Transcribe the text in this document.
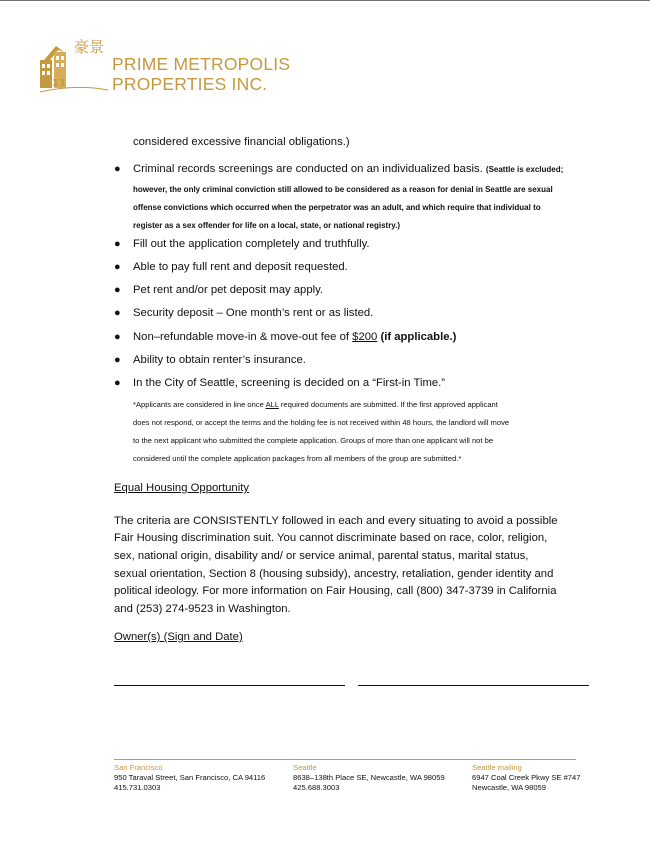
豪景
11
PRIME METROPOLIS
PROPERTIES INC.
considered excessive financial obligations.)
● Criminal records screenings are conducted on an individualized basis. (Seattle is excluded;
however, the only criminal conviction still allowed to be considered as a reason for denial in Seattle are sexual
offense convictions which occurred when the perpetrator was an adult, and which require that individual to
register as a sex offender for life on a local, state, or national registry.)
● Fill out the application completely and truthfully.
● Able to pay full rent and deposit requested.
● Pet rent and/or pet deposit may apply.
● Security deposit – One month’s rent or as listed.
● Non–refundable move-in & move-out fee of $200 (if applicable.)
● Ability to obtain renter’s insurance.
● In the City of Seattle, screening is decided on a “First-in Time.”
*Applicants are considered in line once ALL required documents are submitted. If the first approved applicant
does not respond, or accept the terms and the holding fee is not received within 48 hours, the landlord will move
to the next applicant who submitted the complete application. Groups of more than one applicant will not be
considered until the complete application packages from all members of the group are submitted.*
Equal Housing Opportunity
The criteria are CONSISTENTLY followed in each and every situating to avoid a possible
Fair Housing discrimination suit. You cannot discriminate based on race, color, religion,
sex, national origin, disability and/ or service animal, parental status, marital status,
sexual orientation, Section 8 (housing subsidy), ancestry, retaliation, gender identity and
political ideology. For more information on Fair Housing, call (800) 347-3739 in California
and (253) 274-9523 in Washington.
Owner(s) (Sign and Date)
San Francisco
950 Taraval Street, San Francisco, CA 94116
415.731.0303
Seattle
8638–138th Place SE, Newcastle, WA 98059
425.688.3003
Seattle mailing
6947 Coal Creek Pkwy SE #747
Newcastle, WA 98059
